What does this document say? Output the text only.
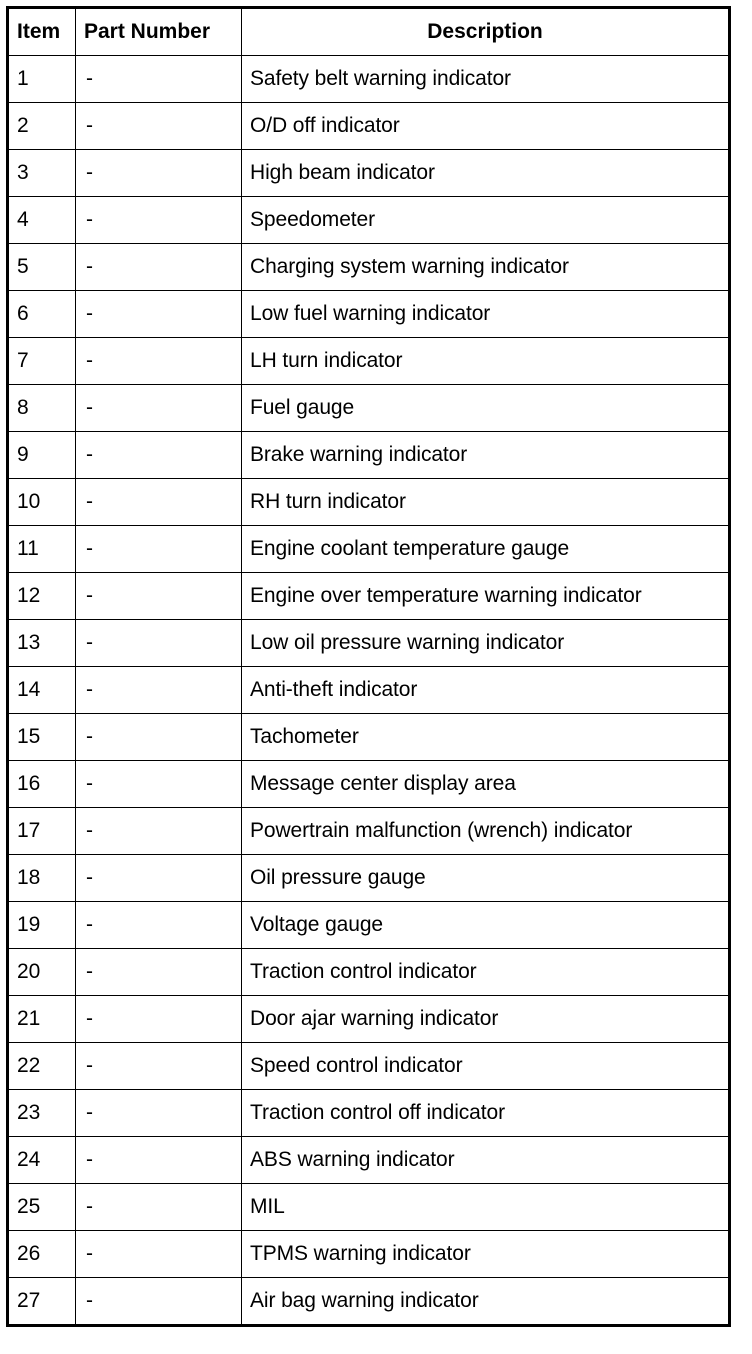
Item	Part Number	Description
1	-	Safety belt warning indicator
2	-	O/D off indicator
3	-	High beam indicator
4	-	Speedometer
5	-	Charging system warning indicator
6	-	Low fuel warning indicator
7	-	LH turn indicator
8	-	Fuel gauge
9	-	Brake warning indicator
10	-	RH turn indicator
11	-	Engine coolant temperature gauge
12	-	Engine over temperature warning indicator
13	-	Low oil pressure warning indicator
14	-	Anti-theft indicator
15	-	Tachometer
16	-	Message center display area
17	-	Powertrain malfunction (wrench) indicator
18	-	Oil pressure gauge
19	-	Voltage gauge
20	-	Traction control indicator
21	-	Door ajar warning indicator
22	-	Speed control indicator
23	-	Traction control off indicator
24	-	ABS warning indicator
25	-	MIL
26	-	TPMS warning indicator
27	-	Air bag warning indicator
